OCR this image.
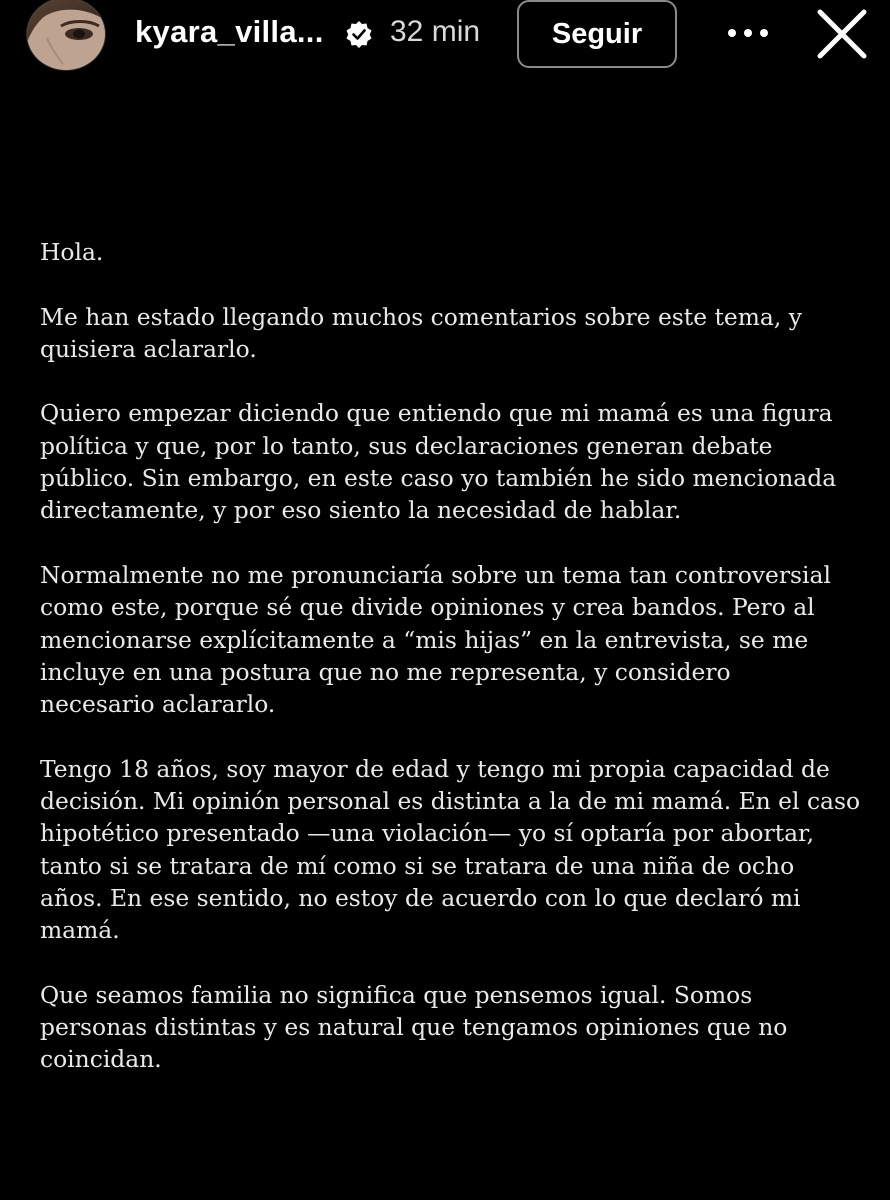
kyara_villa... 32 min	Seguir

Hola.

Me han estado llegando muchos comentarios sobre este tema, y
quisiera aclararlo.

Quiero empezar diciendo que entiendo que mi mamá es una figura
política y que, por lo tanto, sus declaraciones generan debate
público. Sin embargo, en este caso yo también he sido mencionada
directamente, y por eso siento la necesidad de hablar.

Normalmente no me pronunciaría sobre un tema tan controversial
como este, porque sé que divide opiniones y crea bandos. Pero al
mencionarse explícitamente a “mis hijas” en la entrevista, se me
incluye en una postura que no me representa, y considero
necesario aclararlo.

Tengo 18 años, soy mayor de edad y tengo mi propia capacidad de
decisión. Mi opinión personal es distinta a la de mi mamá. En el caso
hipotético presentado —una violación— yo sí optaría por abortar,
tanto si se tratara de mí como si se tratara de una niña de ocho
años. En ese sentido, no estoy de acuerdo con lo que declaró mi
mamá.

Que seamos familia no significa que pensemos igual. Somos
personas distintas y es natural que tengamos opiniones que no
coincidan.
